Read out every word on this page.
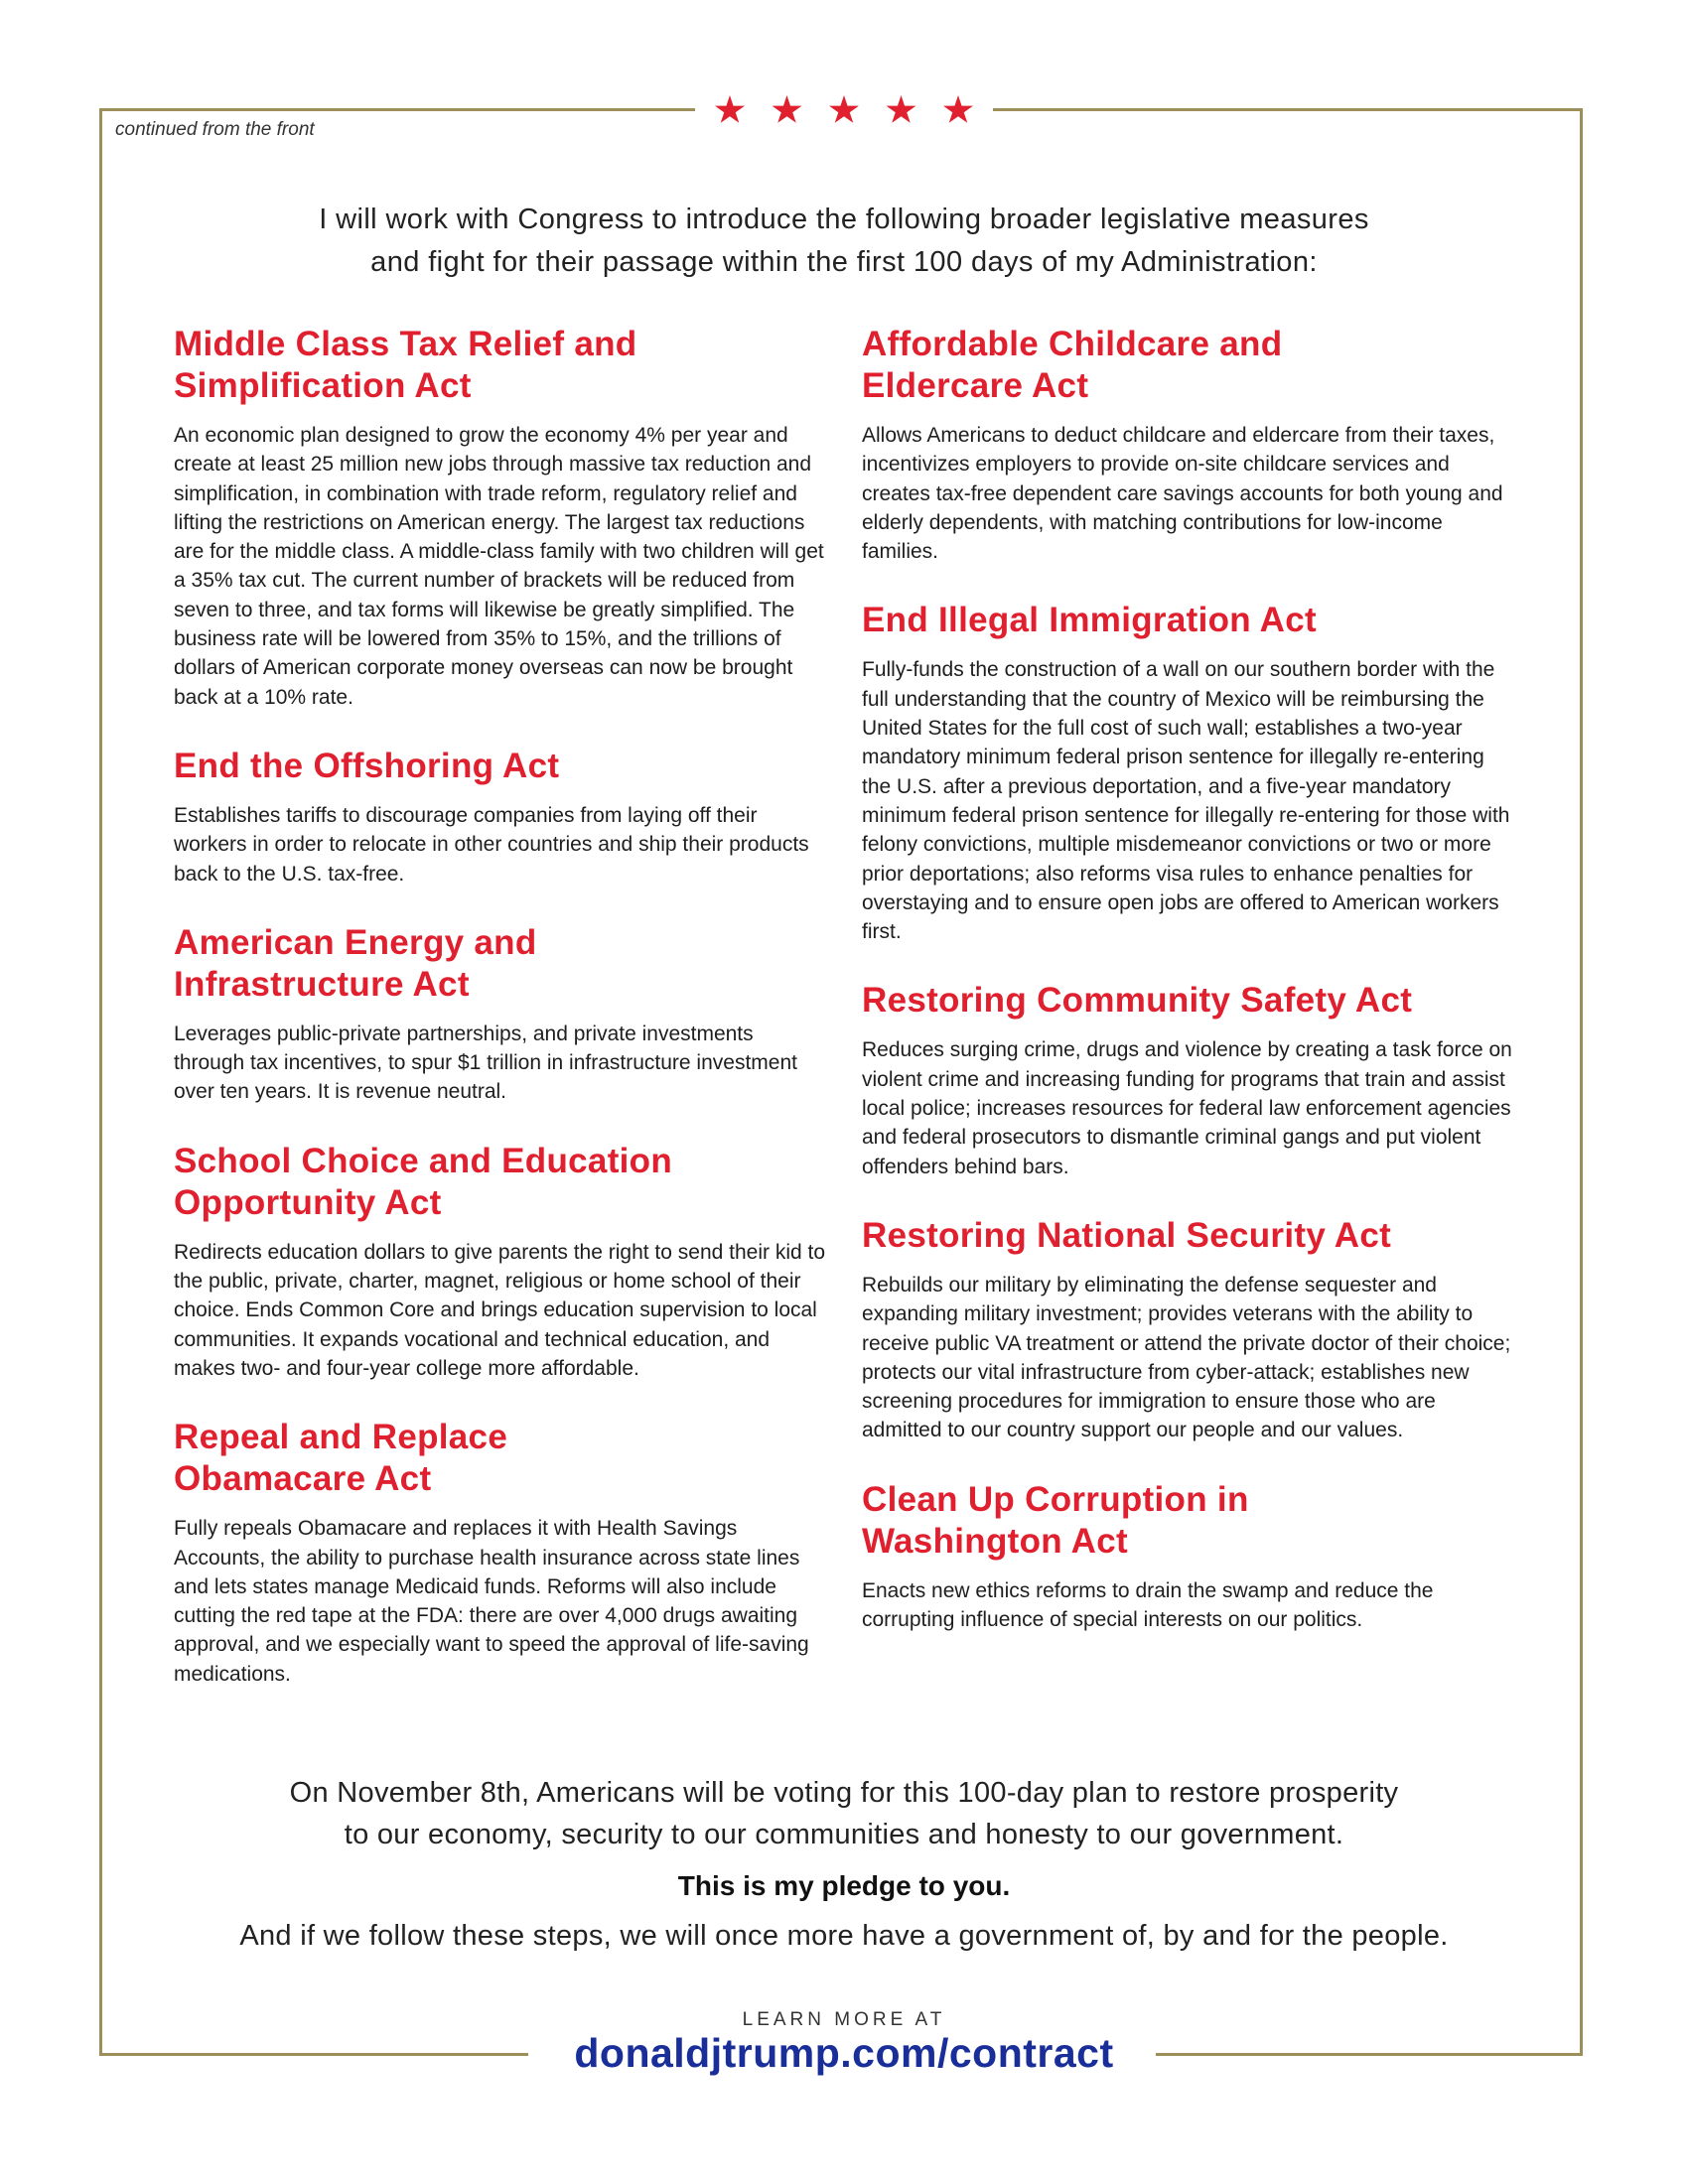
continued from the front
I will work with Congress to introduce the following broader legislative measures
and fight for their passage within the first 100 days of my Administration:
Middle Class Tax Relief and
Simplification Act

An economic plan designed to grow the economy 4% per year and create at least 25 million new jobs through massive tax reduction and simplification, in combination with trade reform, regulatory relief and lifting the restrictions on American energy. The largest tax reductions are for the middle class. A middle-class family with two children will get a 35% tax cut. The current number of brackets will be reduced from seven to three, and tax forms will likewise be greatly simplified. The business rate will be lowered from 35% to 15%, and the trillions of dollars of American corporate money overseas can now be brought back at a 10% rate.

End the Offshoring Act

Establishes tariffs to discourage companies from laying off their workers in order to relocate in other countries and ship their products back to the U.S. tax-free.

American Energy and
Infrastructure Act

Leverages public-private partnerships, and private investments through tax incentives, to spur $1 trillion in infrastructure investment over ten years. It is revenue neutral.

School Choice and Education
Opportunity Act

Redirects education dollars to give parents the right to send their kid to the public, private, charter, magnet, religious or home school of their choice. Ends Common Core and brings education supervision to local communities. It expands vocational and technical education, and makes two- and four-year college more affordable.

Repeal and Replace
Obamacare Act

Fully repeals Obamacare and replaces it with Health Savings Accounts, the ability to purchase health insurance across state lines and lets states manage Medicaid funds. Reforms will also include cutting the red tape at the FDA: there are over 4,000 drugs awaiting approval, and we especially want to speed the approval of life-saving medications.

Affordable Childcare and
Eldercare Act

Allows Americans to deduct childcare and eldercare from their taxes, incentivizes employers to provide on-site childcare services and creates tax-free dependent care savings accounts for both young and elderly dependents, with matching contributions for low-income families.

End Illegal Immigration Act

Fully-funds the construction of a wall on our southern border with the full understanding that the country of Mexico will be reimbursing the United States for the full cost of such wall; establishes a two-year mandatory minimum federal prison sentence for illegally re-entering the U.S. after a previous deportation, and a five-year mandatory minimum federal prison sentence for illegally re-entering for those with felony convictions, multiple misdemeanor convictions or two or more prior deportations; also reforms visa rules to enhance penalties for overstaying and to ensure open jobs are offered to American workers first.

Restoring Community Safety Act

Reduces surging crime, drugs and violence by creating a task force on violent crime and increasing funding for programs that train and assist local police; increases resources for federal law enforcement agencies and federal prosecutors to dismantle criminal gangs and put violent offenders behind bars.

Restoring National Security Act

Rebuilds our military by eliminating the defense sequester and expanding military investment; provides veterans with the ability to receive public VA treatment or attend the private doctor of their choice; protects our vital infrastructure from cyber-attack; establishes new screening procedures for immigration to ensure those who are admitted to our country support our people and our values.

Clean Up Corruption in
Washington Act

Enacts new ethics reforms to drain the swamp and reduce the corrupting influence of special interests on our politics.

On November 8th, Americans will be voting for this 100-day plan to restore prosperity
to our economy, security to our communities and honesty to our government.
This is my pledge to you.
And if we follow these steps, we will once more have a government of, by and for the people.
LEARN MORE AT
donaldjtrump.com/contract
